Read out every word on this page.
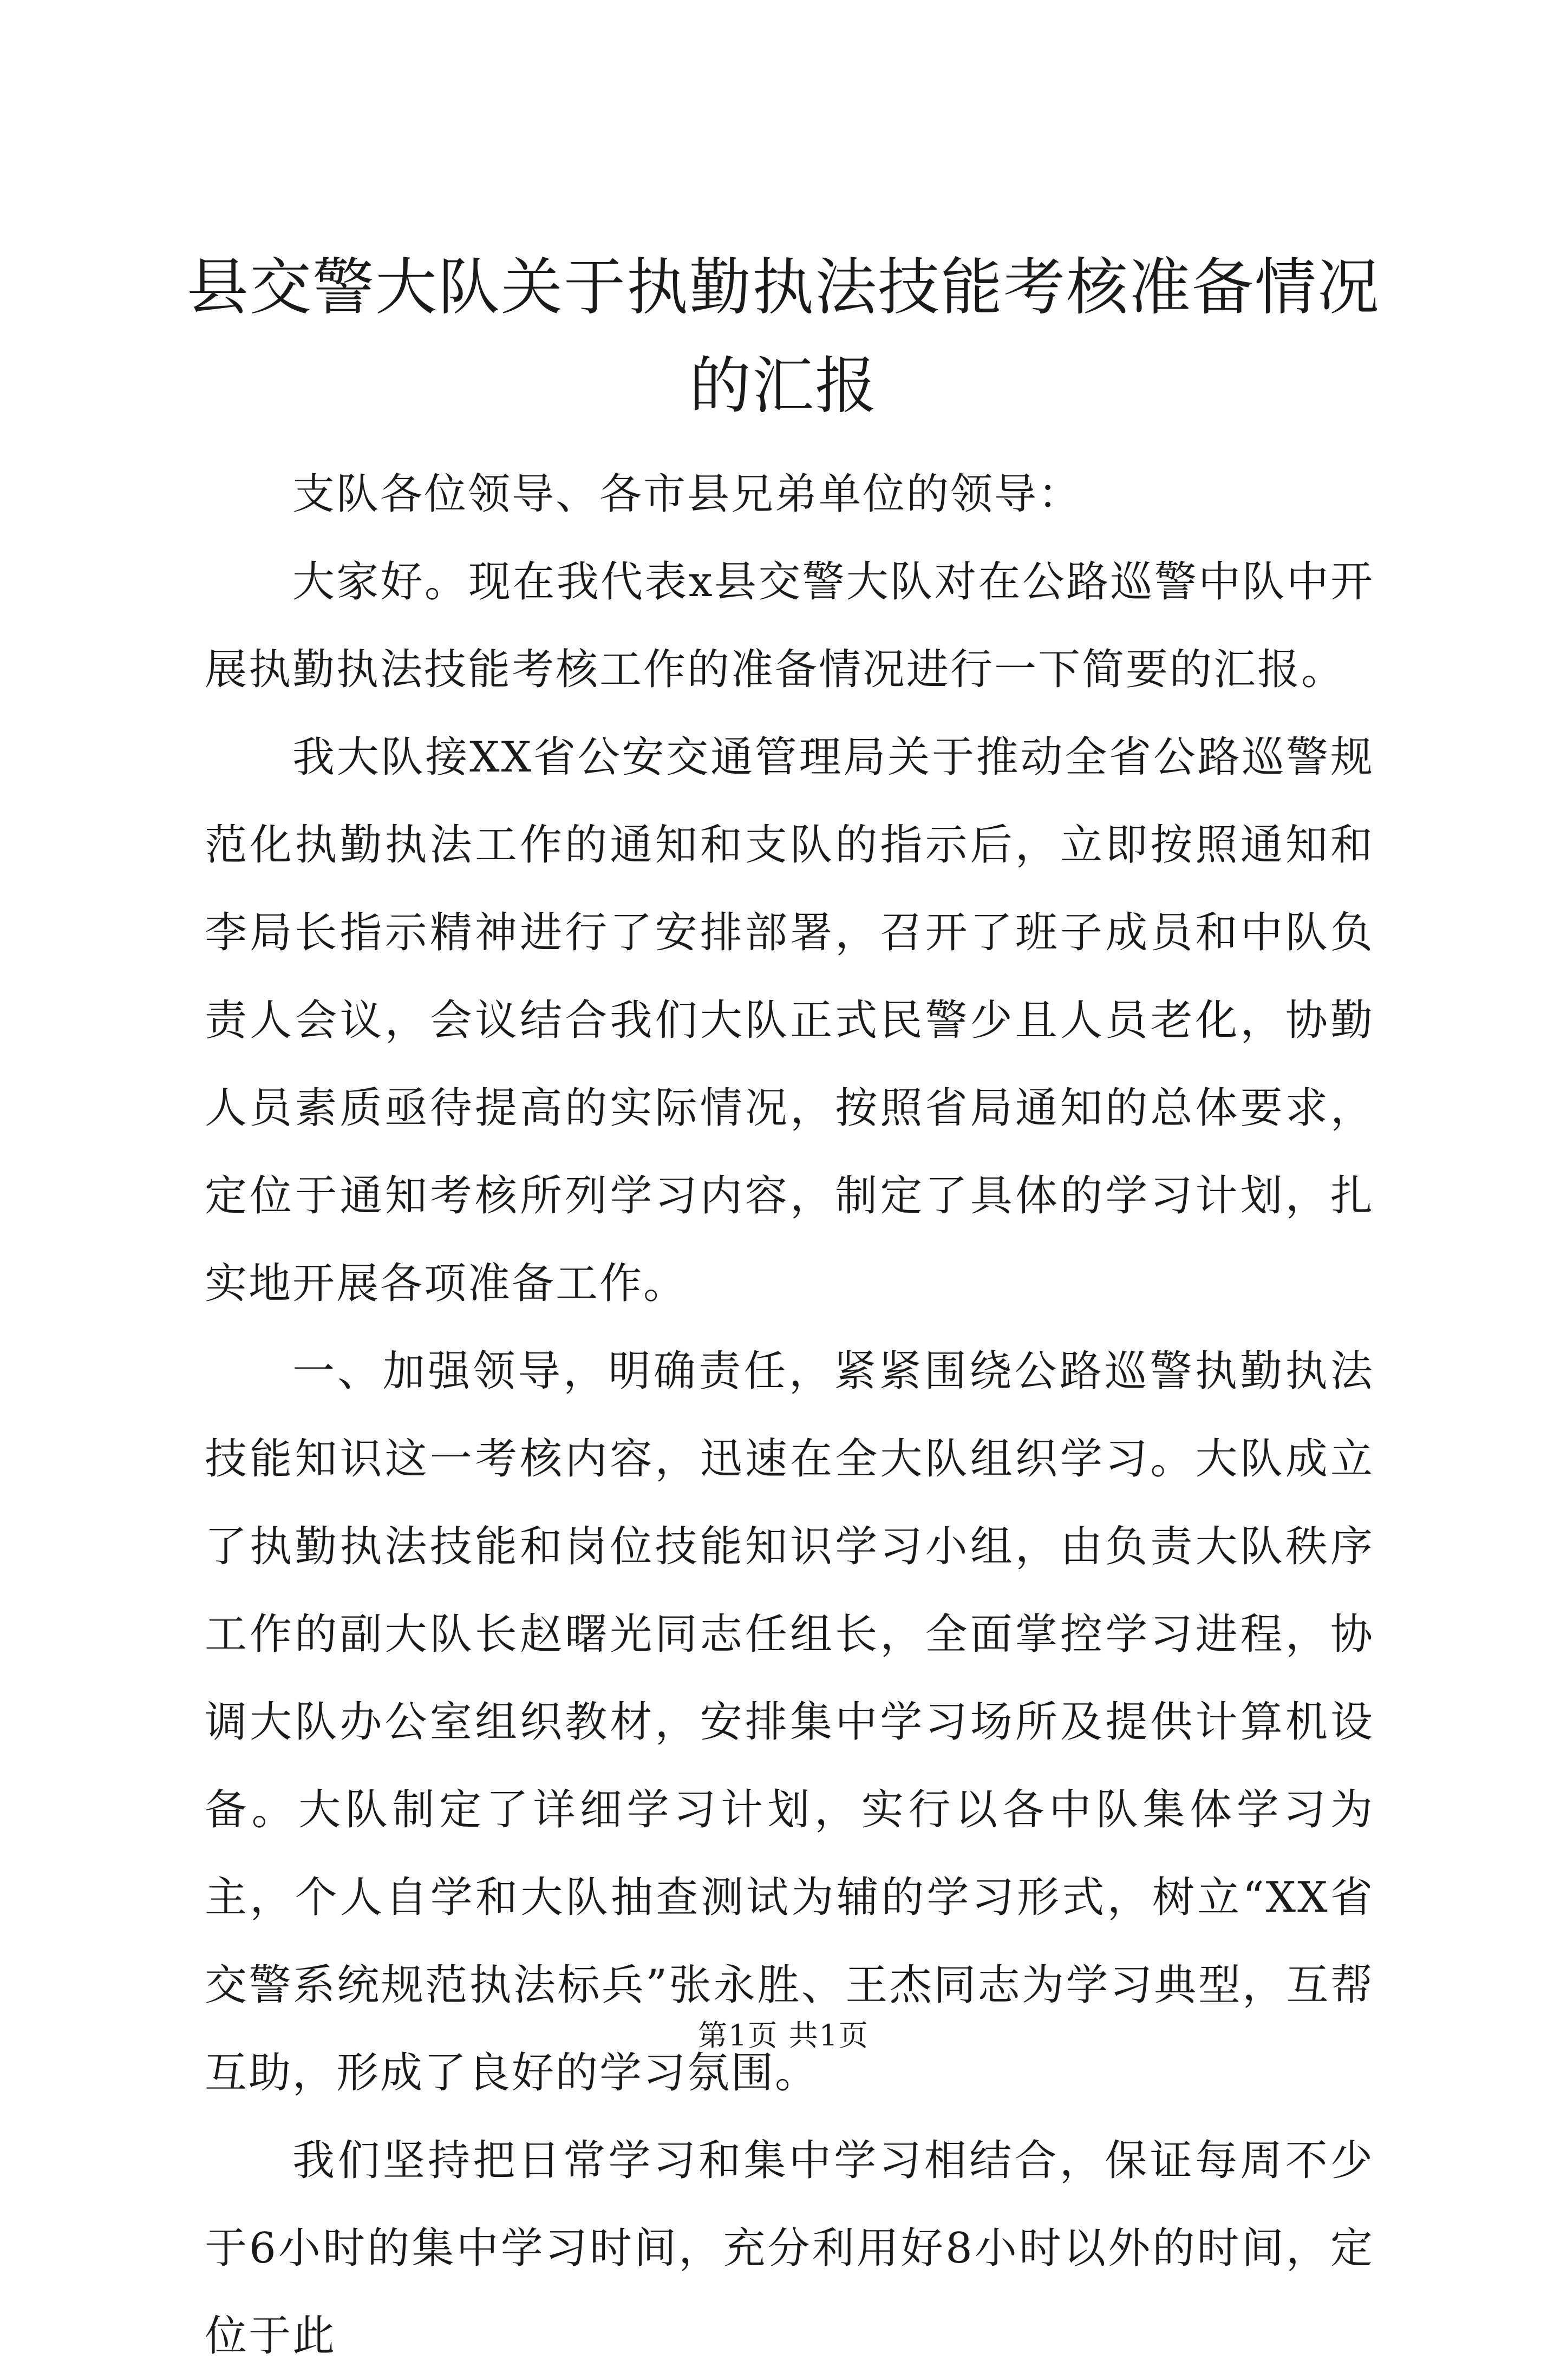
县交警大队关于执勤执法技能考核准备情况的汇报

支队各位领导、各市县兄弟单位的领导：

大家好。现在我代表x县交警大队对在公路巡警中队中开展执勤执法技能考核工作的准备情况进行一下简要的汇报。

我大队接XX省公安交通管理局关于推动全省公路巡警规范化执勤执法工作的通知和支队的指示后，立即按照通知和李局长指示精神进行了安排部署，召开了班子成员和中队负责人会议，会议结合我们大队正式民警少且人员老化，协勤人员素质亟待提高的实际情况，按照省局通知的总体要求，定位于通知考核所列学习内容，制定了具体的学习计划，扎实地开展各项准备工作。

一、加强领导，明确责任，紧紧围绕公路巡警执勤执法技能知识这一考核内容，迅速在全大队组织学习。大队成立了执勤执法技能和岗位技能知识学习小组，由负责大队秩序工作的副大队长赵曙光同志任组长，全面掌控学习进程，协调大队办公室组织教材，安排集中学习场所及提供计算机设备。大队制定了详细学习计划，实行以各中队集体学习为主，个人自学和大队抽查测试为辅的学习形式，树立“XX省交警系统规范执法标兵”张永胜、王杰同志为学习典型，互帮互助，形成了良好的学习氛围。

我们坚持把日常学习和集中学习相结合，保证每周不少于6小时的集中学习时间，充分利用好8小时以外的时间，定位于此

第1页 共1页
